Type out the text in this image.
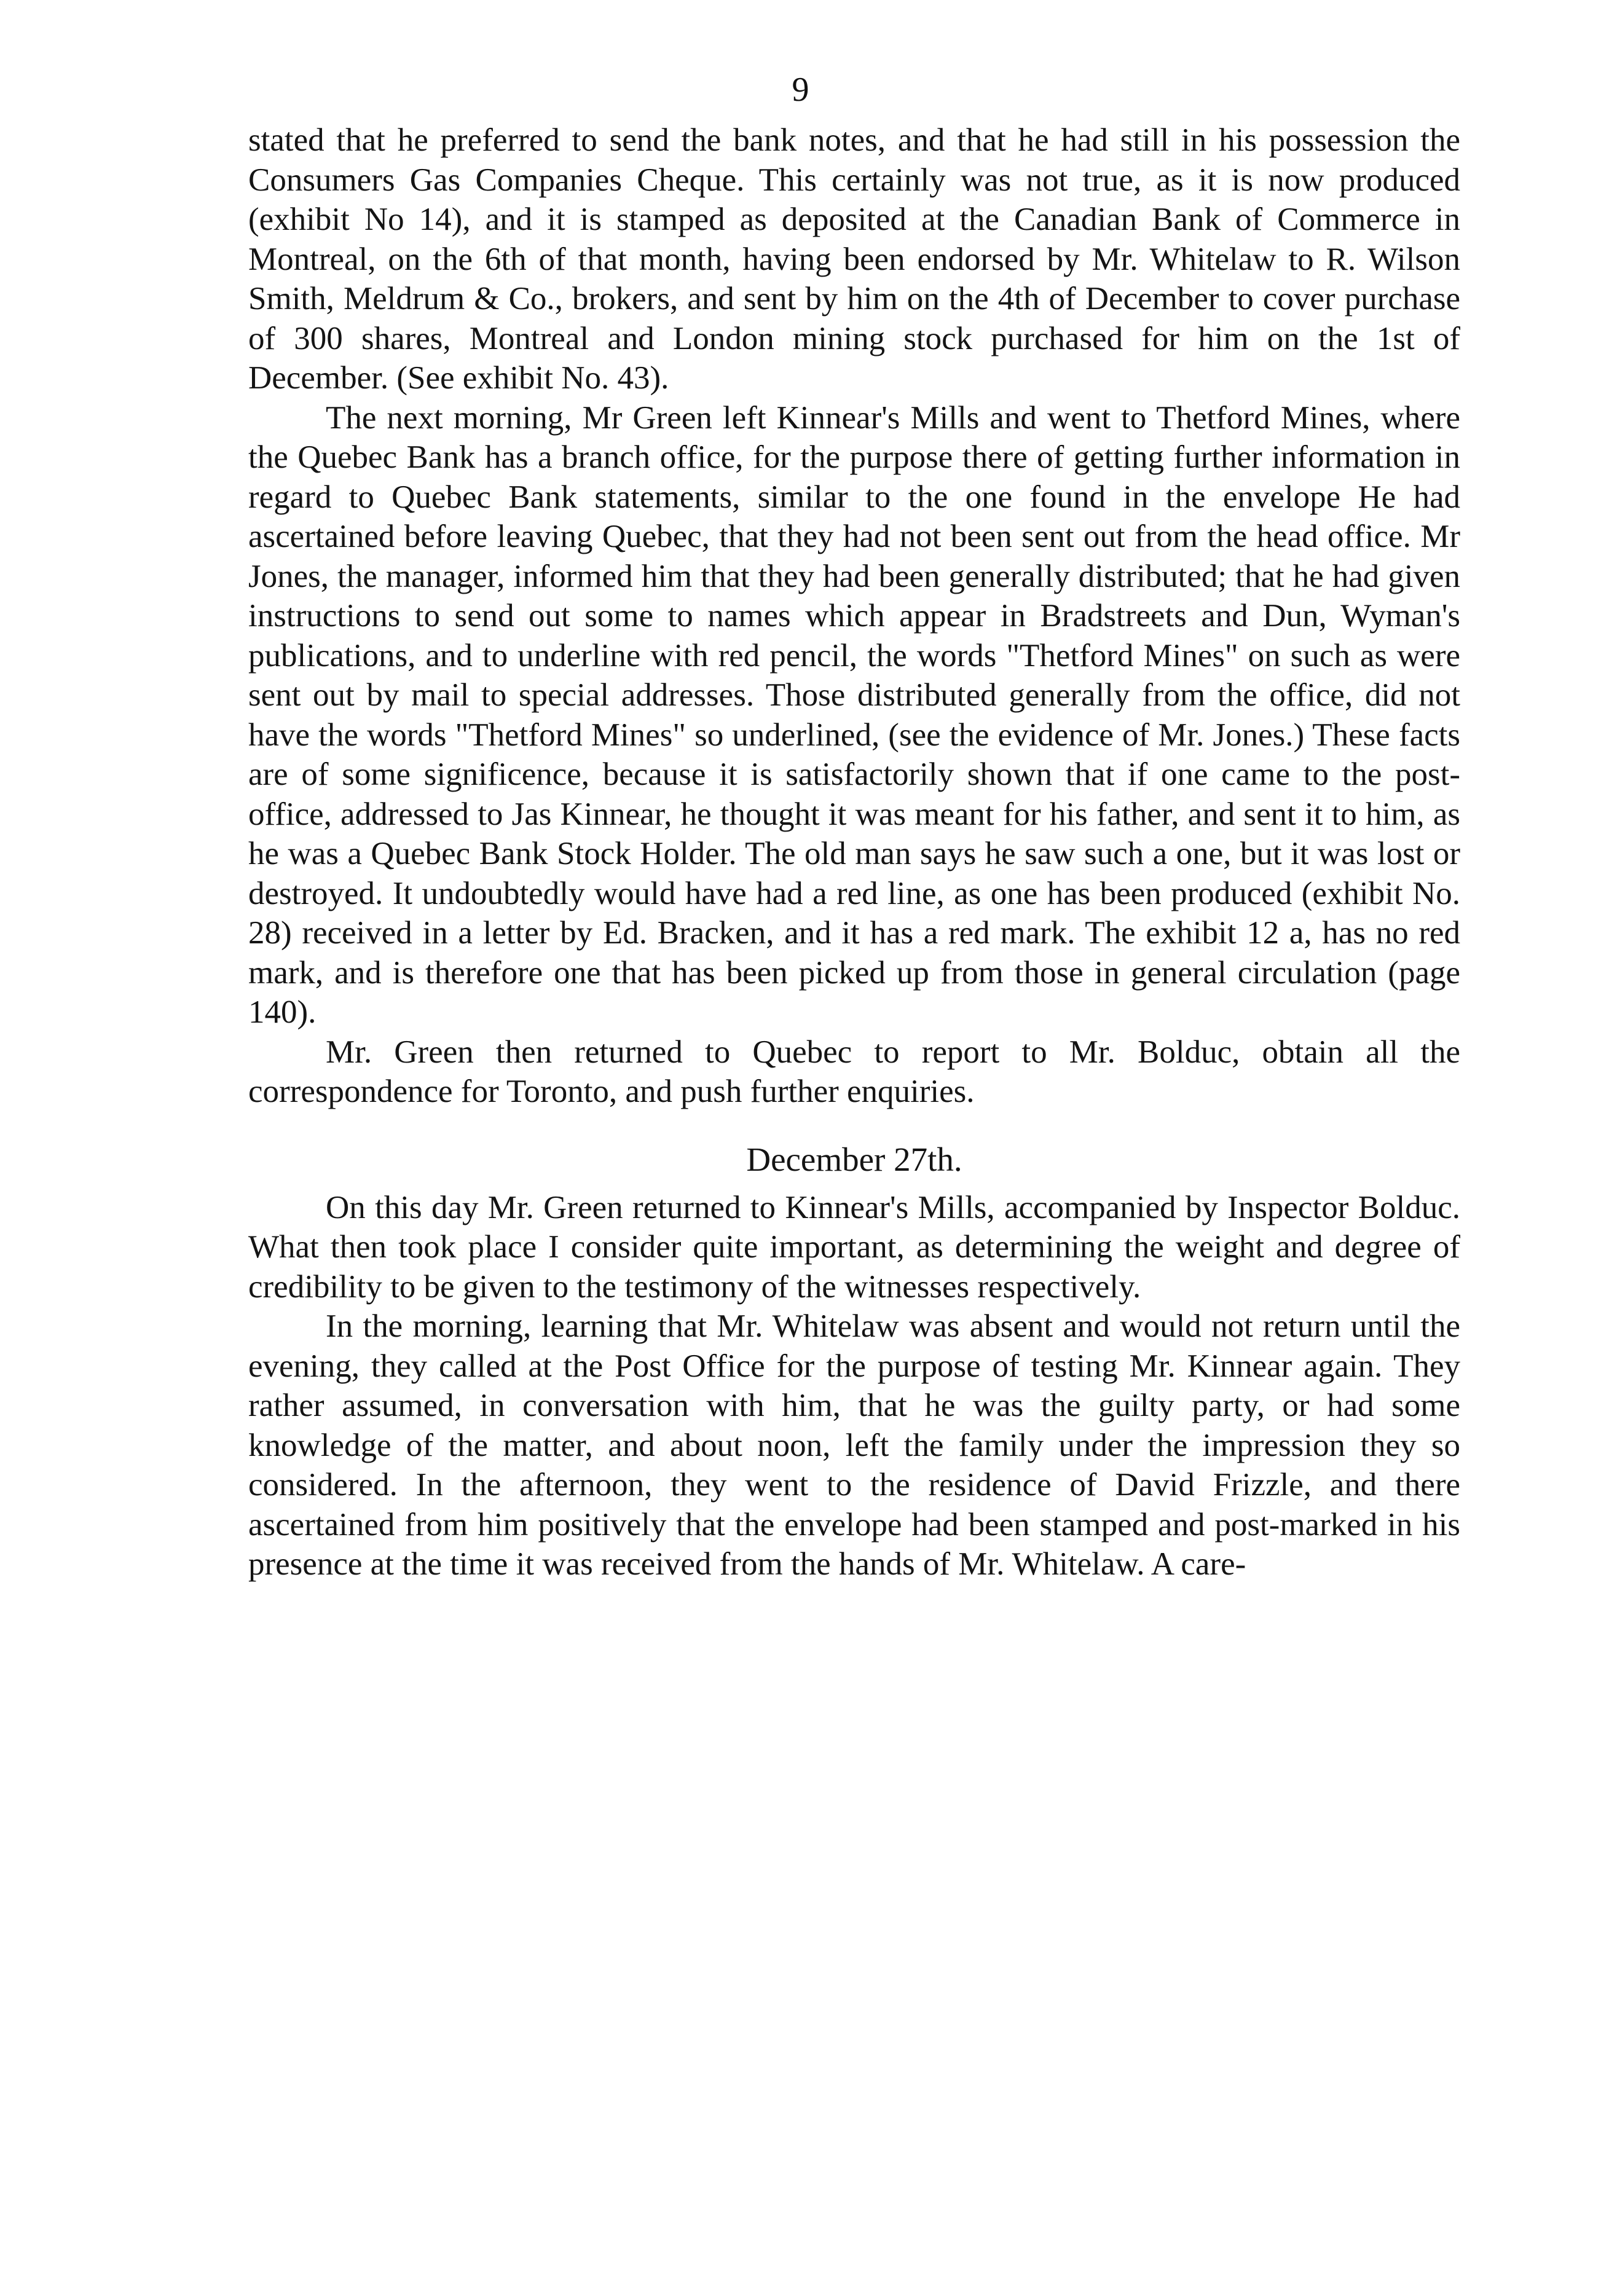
9

stated that he preferred to send the bank notes, and that he had still in his possession the Consumers Gas Companies Cheque. This certainly was not true, as it is now produced (exhibit No 14), and it is stamped as deposited at the Canadian Bank of Commerce in Montreal, on the 6th of that month, having been endorsed by Mr. Whitelaw to R. Wilson Smith, Meldrum & Co., brokers, and sent by him on the 4th of December to cover purchase of 300 shares, Montreal and London mining stock purchased for him on the 1st of December. (See exhibit No. 43).

The next morning, Mr Green left Kinnear's Mills and went to Thetford Mines, where the Quebec Bank has a branch office, for the purpose there of getting further information in regard to Quebec Bank statements, similar to the one found in the envelope He had ascertained before leaving Quebec, that they had not been sent out from the head office. Mr Jones, the manager, informed him that they had been generally distributed; that he had given instructions to send out some to names which appear in Bradstreets and Dun, Wyman's publications, and to underline with red pencil, the words "Thetford Mines" on such as were sent out by mail to special addresses. Those distributed generally from the office, did not have the words "Thetford Mines" so underlined, (see the evidence of Mr. Jones.) These facts are of some significence, because it is satisfactorily shown that if one came to the post-office, addressed to Jas Kinnear, he thought it was meant for his father, and sent it to him, as he was a Quebec Bank Stock Holder. The old man says he saw such a one, but it was lost or destroyed. It undoubtedly would have had a red line, as one has been produced (exhibit No. 28) received in a letter by Ed. Bracken, and it has a red mark. The exhibit 12 a, has no red mark, and is therefore one that has been picked up from those in general circulation (page 140).

Mr. Green then returned to Quebec to report to Mr. Bolduc, obtain all the correspondence for Toronto, and push further enquiries.

December 27th.

On this day Mr. Green returned to Kinnear's Mills, accompanied by Inspector Bolduc. What then took place I consider quite important, as determining the weight and degree of credibility to be given to the testimony of the witnesses respectively.

In the morning, learning that Mr. Whitelaw was absent and would not return until the evening, they called at the Post Office for the purpose of testing Mr. Kinnear again. They rather assumed, in conversation with him, that he was the guilty party, or had some knowledge of the matter, and about noon, left the family under the impression they so considered. In the afternoon, they went to the residence of David Frizzle, and there ascertained from him positively that the envelope had been stamped and post-marked in his presence at the time it was received from the hands of Mr. Whitelaw. A care-
